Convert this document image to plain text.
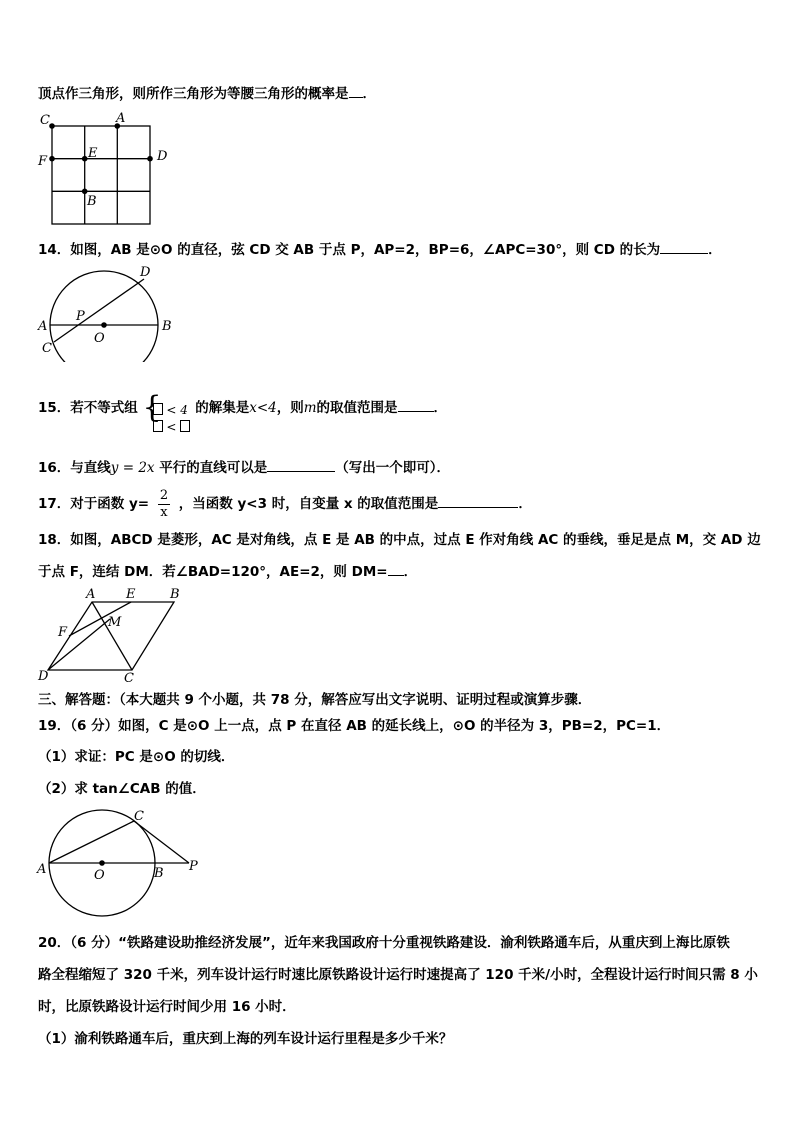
顶点作三角形，则所作三角形为等腰三角形的概率是 ．
C	A
F
E	D
B
14．如图，AB 是⊙O 的直径，弦 CD 交 AB 于点 P，AP=2，BP=6，∠APC=30°，则 CD 的长为	．
D
P
A
O
B
C
15．若不等式组 { < 4
<
的解集是x<4，则m的取值范围是	．
16．与直线y = 2x 平行的直线可以是	（写出一个即可）．
17．对于函数 $y= \frac{2}{x}$ ，当函数 y<3 时，自变量 x 的取值范围是	．
18．如图，ABCD 是菱形，AC 是对角线，点 E 是 AB 的中点，过点 E 作对角线 AC 的垂线，垂足是点 M，交 AD 边
于点 F，连结 DM．若∠BAD=120°，AE=2，则 DM= ．
A E	B
F
M
D	C
三、解答题：（本大题共 9 个小题，共 78 分，解答应写出文字说明、证明过程或演算步骤．
19．（6 分）如图，C 是⊙O 上一点，点 P 在直径 AB 的延长线上，⊙O 的半径为 3，PB=2，PC=1．
（1）求证：PC 是⊙O 的切线．
（2）求 tan∠CAB 的值．
C
A	O	B P
20．（6 分）“铁路建设助推经济发展”，近年来我国政府十分重视铁路建设．渝利铁路通车后，从重庆到上海比原铁
路全程缩短了 320 千米，列车设计运行时速比原铁路设计运行时速提高了 120 千米/小时，全程设计运行时间只需 8 小
时，比原铁路设计运行时间少用 16 小时．
（1）渝利铁路通车后，重庆到上海的列车设计运行里程是多少千米？
